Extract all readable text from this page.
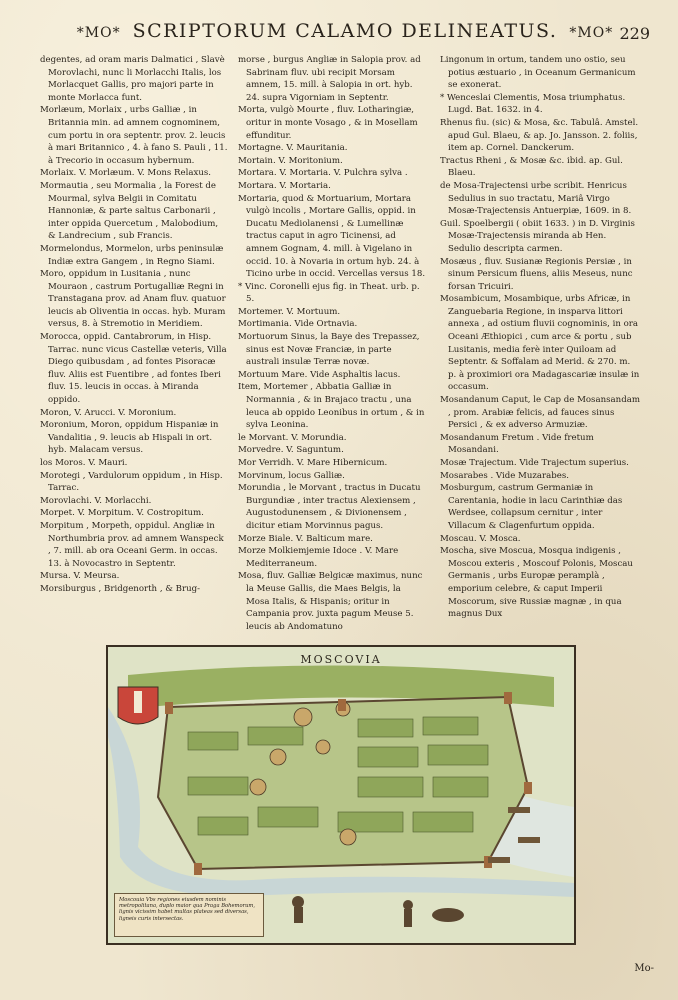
*MO* SCRIPTORUM CALAMO DELINEATUS. *MO* 229

degentes, ad oram maris Dalmatici , Slavè Morovlachi, nunc li Morlacchi Italis, los Morlacquet Gallis, pro majori parte in monte Morlacca funt.

Morlæum, Morlaix , urbs Galliæ , in Britannia min. ad amnem cognominem, cum portu in ora septentr. prov. 2. leucis à mari Britannico , 4. à fano S. Pauli , 11. à Trecorio in occasum hybernum.

Morlaix. V. Morlæum. V. Mons Relaxus.

Mormautia , seu Mormalia , la Forest de Mourmal, sylva Belgii in Comitatu Hannoniæ, & parte saltus Carbonarii , inter oppida Quercetum , Malobodium, & Landrecium , sub Francis.

Mormelondus, Mormelon, urbs peninsulæ Indiæ extra Gangem , in Regno Siami.

Moro, oppidum in Lusitania , nunc Mouraon , castrum Portugalliæ Regni in Transtagana prov. ad Anam fluv. quatuor leucis ab Oliventia in occas. hyb. Muram versus, 8. à Stremotio in Meridiem.

Morocca, oppid. Cantabrorum, in Hisp. Tarrac. nunc vicus Castellæ veteris, Villa Diego quibusdam , ad fontes Pisoracæ fluv. Aliis est Fuentibre , ad fontes Iberi fluv. 15. leucis in occas. à Miranda oppido.

Moron, V. Arucci. V. Moronium.

Moronium, Moron, oppidum Hispaniæ in Vandalitia , 9. leucis ab Hispali in ort. hyb. Malacam versus.

los Moros. V. Mauri.

Morotegi , Vardulorum oppidum , in Hisp. Tarrac.

Morovlachi. V. Morlacchi.

Morpet. V. Morpitum. V. Costropitum.

Morpitum , Morpeth, oppidul. Angliæ in Northumbria prov. ad amnem Wanspeck , 7. mill. ab ora Oceani Germ. in occas. 13. à Novocastro in Septentr.

Mursa. V. Meursa.

Morsiburgus , Bridgenorth , & Brug-

morse , burgus Angliæ in Salopia prov. ad Sabrinam fluv. ubi recipit Morsam amnem, 15. mill. à Salopia in ort. hyb. 24. supra Vigorniam in Septentr.

Morta, vulgò Mourte , fluv. Lotharingiæ, oritur in monte Vosago , & in Mosellam effunditur.

Mortagne. V. Mauritania.

Mortain. V. Moritonium.

Mortara. V. Mortaria. V. Pulchra sylva .

Mortara. V. Mortaria.

Mortaria, quod & Mortuarium, Mortara vulgò incolis , Mortare Gallis, oppid. in Ducatu Mediolanensi , & Lumellinæ tractus caput in agro Ticinensi, ad amnem Gognam, 4. mill. à Vigelano in occid. 10. à Novaria in ortum hyb. 24. à Ticino urbe in occid. Vercellas versus 18.

* Vinc. Coronelli ejus fig. in Theat. urb. p. 5.

Mortemer. V. Mortuum.

Mortimania. Vide Ortnavia.

Mortuorum Sinus, la Baye des Trepassez, sinus est Novæ Franciæ, in parte australi insulæ Terræ novæ.

Mortuum Mare. Vide Asphaltis lacus.

Item, Mortemer , Abbatia Galliæ in Normannia , & in Brajaco tractu , una leuca ab oppido Leonibus in ortum , & in sylva Leonina.

le Morvant. V. Morundia.

Morvedre. V. Saguntum.

Mor Verridh. V. Mare Hibernicum.

Morvinum, locus Galliæ.

Morundia , le Morvant , tractus in Ducatu Burgundiæ , inter tractus Alexiensem , Augustodunensem , & Divionensem , dicitur etiam Morvinnus pagus.

Morze Biale. V. Balticum mare.

Morze Molkiemjemie Idoce . V. Mare Mediterraneum.

Mosa, fluv. Galliæ Belgicæ maximus, nunc la Meuse Gallis, die Maes Belgis, la Mosa Italis, & Hispanis; oritur in Campania prov. juxta pagum Meuse 5. leucis ab Andomatuno

Lingonum in ortum, tandem uno ostio, seu potius æstuario , in Oceanum Germanicum se exonerat.

* Wenceslai Clementis, Mosa triumphatus. Lugd. Bat. 1632. in 4.

Rhenus fiu. (sic) & Mosa, &c. Tabulâ. Amstel. apud Gul. Blaeu, & ap. Jo. Jansson. 2. foliis, item ap. Cornel. Danckerum.

Tractus Rheni , & Mosæ &c. ibid. ap. Gul. Blaeu.

de Mosa-Trajectensi urbe scribit. Henricus Sedulius in suo tractatu, Mariâ Virgo Mosæ-Trajectensis Antuerpiæ, 1609. in 8.

Guil. Spoelbergii ( obiit 1633. ) in D. Virginis Mosæ-Trajectensis miranda ab Hen. Sedulio descripta carmen.

Mosæus , fluv. Susianæ Regionis Persiæ , in sinum Persicum fluens, aliis Meseus, nunc forsan Tricuiri.

Mosambicum, Mosambique, urbs Africæ, in Zanguebaria Regione, in insparva littori annexa , ad ostium fluvii cognominis, in ora Oceani Æthiopici , cum arce & portu , sub Lusitanis, media ferè inter Quiloam ad Septentr. & Soffalam ad Merid. & 270. m. p. à proximiori ora Madagascariæ insulæ in occasum.

Mosandanum Caput, le Cap de Mosansandam , prom. Arabiæ felicis, ad fauces sinus Persici , & ex adverso Armuziæ.

Mosandanum Fretum . Vide fretum Mosandani.

Mosæ Trajectum. Vide Trajectum superius.

Mosarabes . Vide Muzarabes.

Mosburgum, castrum Germaniæ in Carentania, hodie in lacu Carinthiæ das Werdsee, collapsum cernitur , inter Villacum & Clagenfurtum oppida.

Moscau. V. Mosca.

Moscha, sive Moscua, Mosqua indigenis , Moscou exteris , Moscouf Polonis, Moscau Germanis , urbs Europæ peramplà , emporium celebre, & caput Imperii Moscorum, sive Russiæ magnæ , in qua magnus Dux

MOSCOVIA
Moscouia Vbs regiones eiusdem nominis metropolitana, duplo maior qua Praga Bohemorum, lignis vicissim habet multas plateas sed diversas, ligneis curis intersectas.
Mo-
